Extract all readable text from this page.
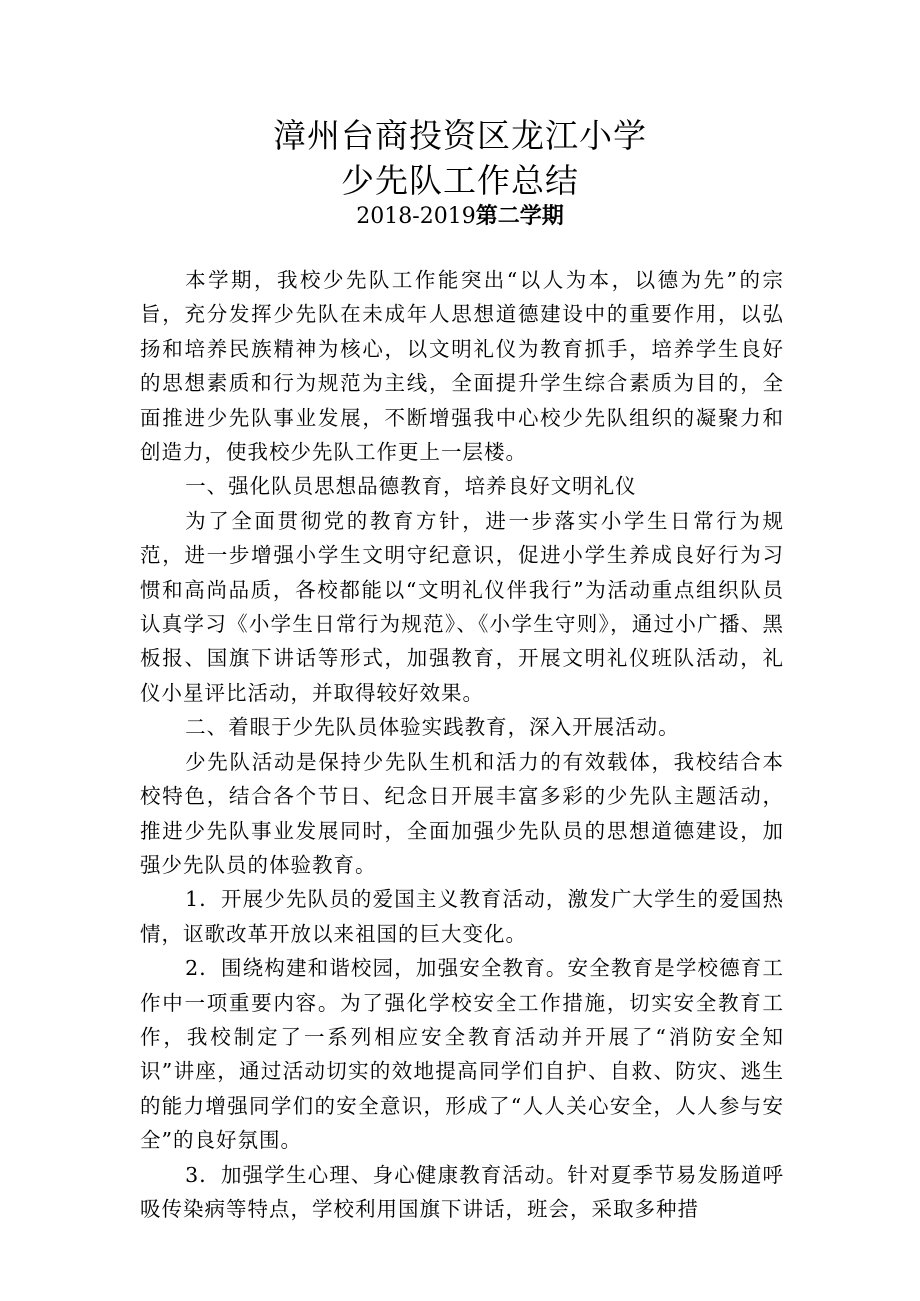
漳州台商投资区龙江小学
少先队工作总结
2018-2019第二学期

本学期，我校少先队工作能突出“以人为本，以德为先”的宗旨，充分发挥少先队在未成年人思想道德建设中的重要作用，以弘扬和培养民族精神为核心，以文明礼仪为教育抓手，培养学生良好的思想素质和行为规范为主线，全面提升学生综合素质为目的，全面推进少先队事业发展，不断增强我中心校少先队组织的凝聚力和创造力，使我校少先队工作更上一层楼。

一、强化队员思想品德教育，培养良好文明礼仪

为了全面贯彻党的教育方针，进一步落实小学生日常行为规范，进一步增强小学生文明守纪意识，促进小学生养成良好行为习惯和高尚品质，各校都能以“文明礼仪伴我行”为活动重点组织队员认真学习《小学生日常行为规范》、《小学生守则》，通过小广播、黑板报、国旗下讲话等形式，加强教育，开展文明礼仪班队活动，礼仪小星评比活动，并取得较好效果。

二、着眼于少先队员体验实践教育，深入开展活动。

少先队活动是保持少先队生机和活力的有效载体，我校结合本校特色，结合各个节日、纪念日开展丰富多彩的少先队主题活动，推进少先队事业发展同时，全面加强少先队员的思想道德建设，加强少先队员的体验教育。

1．开展少先队员的爱国主义教育活动，激发广大学生的爱国热情，讴歌改革开放以来祖国的巨大变化。

2．围绕构建和谐校园，加强安全教育。安全教育是学校德育工作中一项重要内容。为了强化学校安全工作措施，切实安全教育工作，我校制定了一系列相应安全教育活动并开展了“消防安全知识”讲座，通过活动切实的效地提高同学们自护、自救、防灾、逃生的能力增强同学们的安全意识，形成了“人人关心安全，人人参与安全”的良好氛围。

3．加强学生心理、身心健康教育活动。针对夏季节易发肠道呼吸传染病等特点，学校利用国旗下讲话，班会，采取多种措
